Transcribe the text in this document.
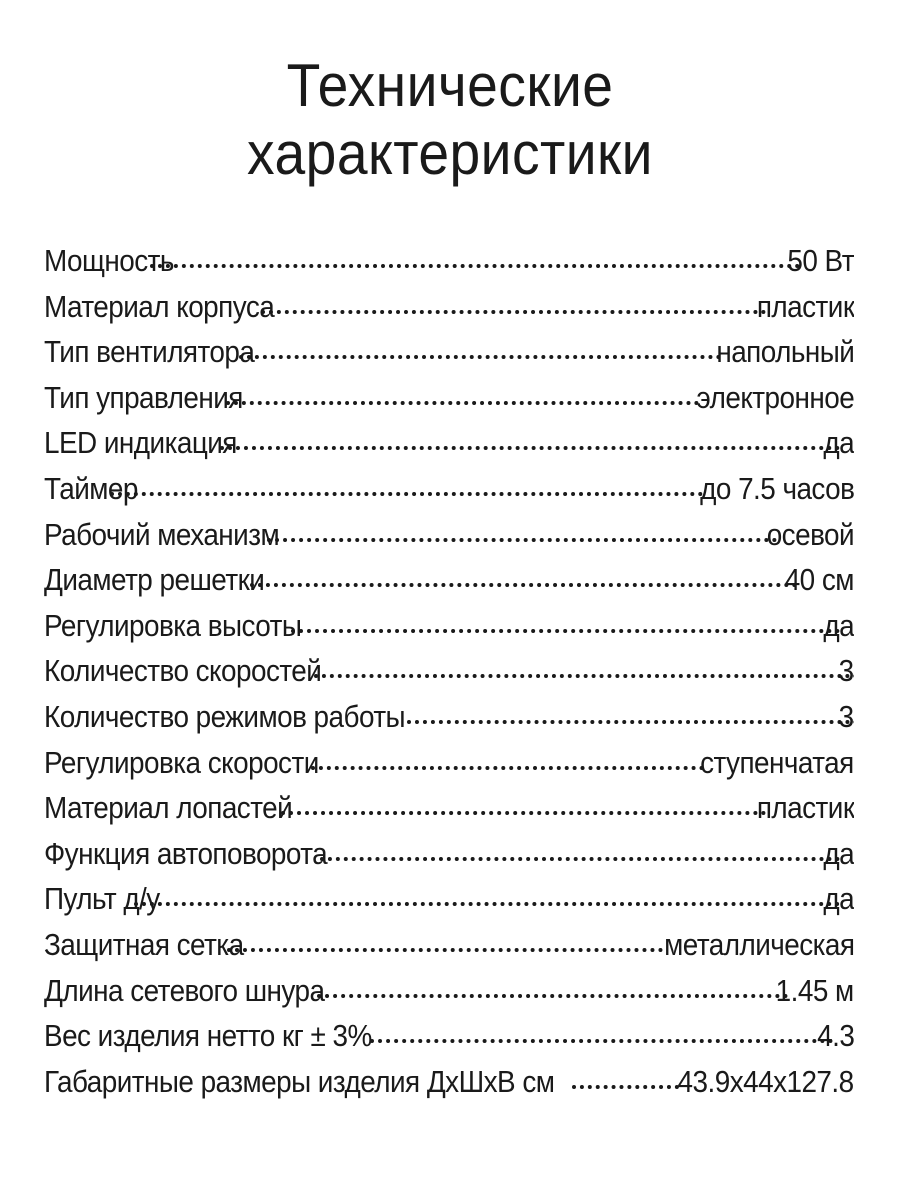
Технические
характеристики
Мощность	50 Вт
Материал корпуса	пластик
Тип вентилятора	напольный
Тип управления	электронное
LED индикация	да
Таймер	до 7.5 часов
Рабочий механизм	осевой
Диаметр решетки	40 см
Регулировка высоты	да
Количество скоростей	3
Количество режимов работы	3
Регулировка скорости	ступенчатая
Материал лопастей	пластик
Функция автоповорота	да
Пульт д/у	да
Защитная сетка	металлическая
Длина сетевого шнура	1.45 м
Вес изделия нетто кг ± 3%	4.3
Габаритные размеры изделия ДхШхВ см	43.9х44х127.8
